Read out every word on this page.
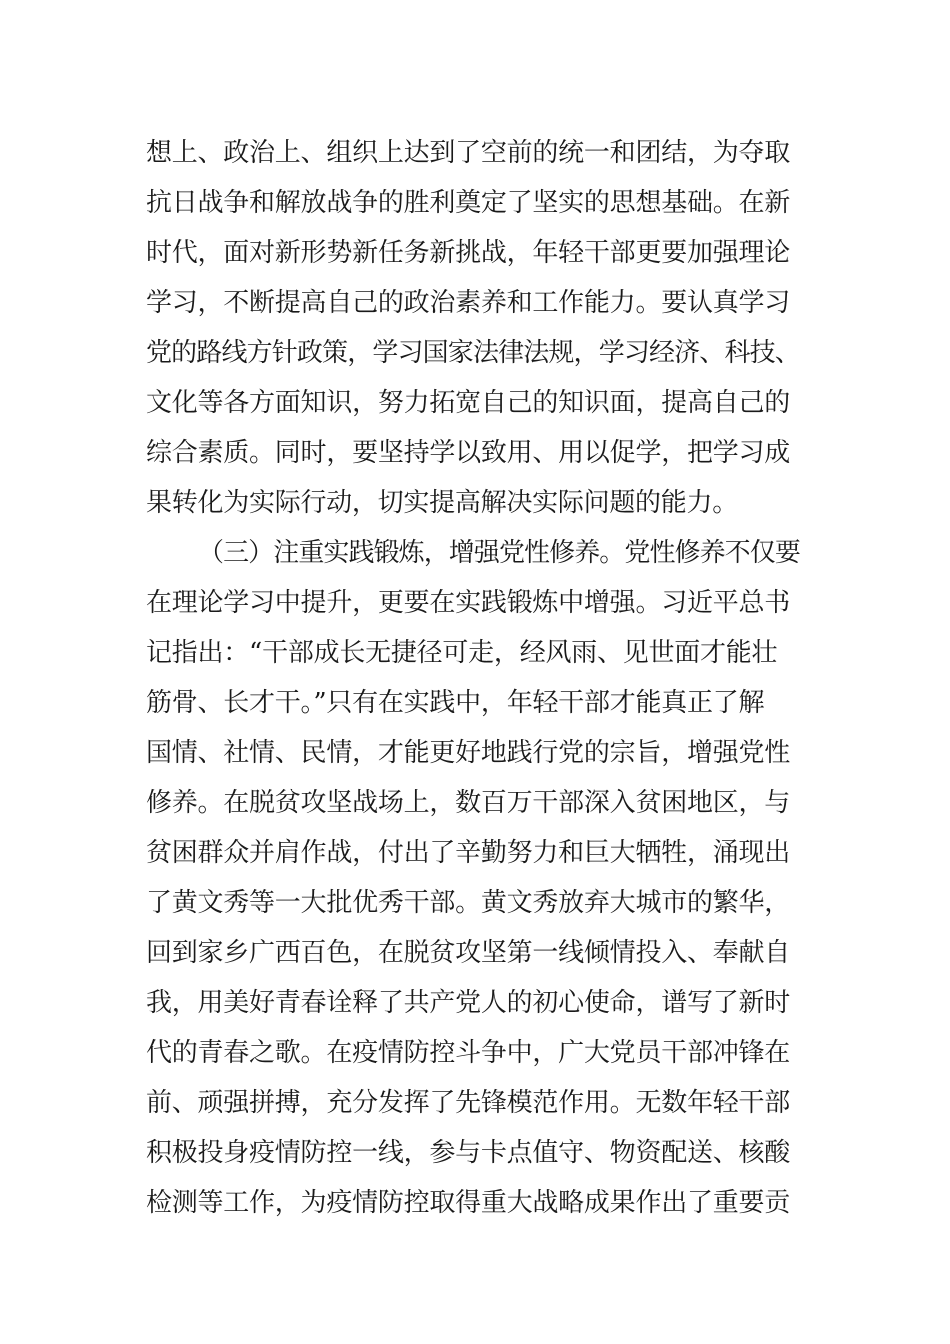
想上、政治上、组织上达到了空前的统一和团结，为夺取
抗日战争和解放战争的胜利奠定了坚实的思想基础。在新
时代，面对新形势新任务新挑战，年轻干部更要加强理论
学习，不断提高自己的政治素养和工作能力。要认真学习
党的路线方针政策，学习国家法律法规，学习经济、科技、
文化等各方面知识，努力拓宽自己的知识面，提高自己的
综合素质。同时，要坚持学以致用、用以促学，把学习成
果转化为实际行动，切实提高解决实际问题的能力。
（三）注重实践锻炼，增强党性修养。党性修养不仅要
在理论学习中提升，更要在实践锻炼中增强。习近平总书
记指出：“干部成长无捷径可走，经风雨、见世面才能壮
筋骨、长才干。”只有在实践中，年轻干部才能真正了解
国情、社情、民情，才能更好地践行党的宗旨，增强党性
修养。在脱贫攻坚战场上，数百万干部深入贫困地区，与
贫困群众并肩作战，付出了辛勤努力和巨大牺牲，涌现出
了黄文秀等一大批优秀干部。黄文秀放弃大城市的繁华，
回到家乡广西百色，在脱贫攻坚第一线倾情投入、奉献自
我，用美好青春诠释了共产党人的初心使命，谱写了新时
代的青春之歌。在疫情防控斗争中，广大党员干部冲锋在
前、顽强拼搏，充分发挥了先锋模范作用。无数年轻干部
积极投身疫情防控一线，参与卡点值守、物资配送、核酸
检测等工作，为疫情防控取得重大战略成果作出了重要贡
